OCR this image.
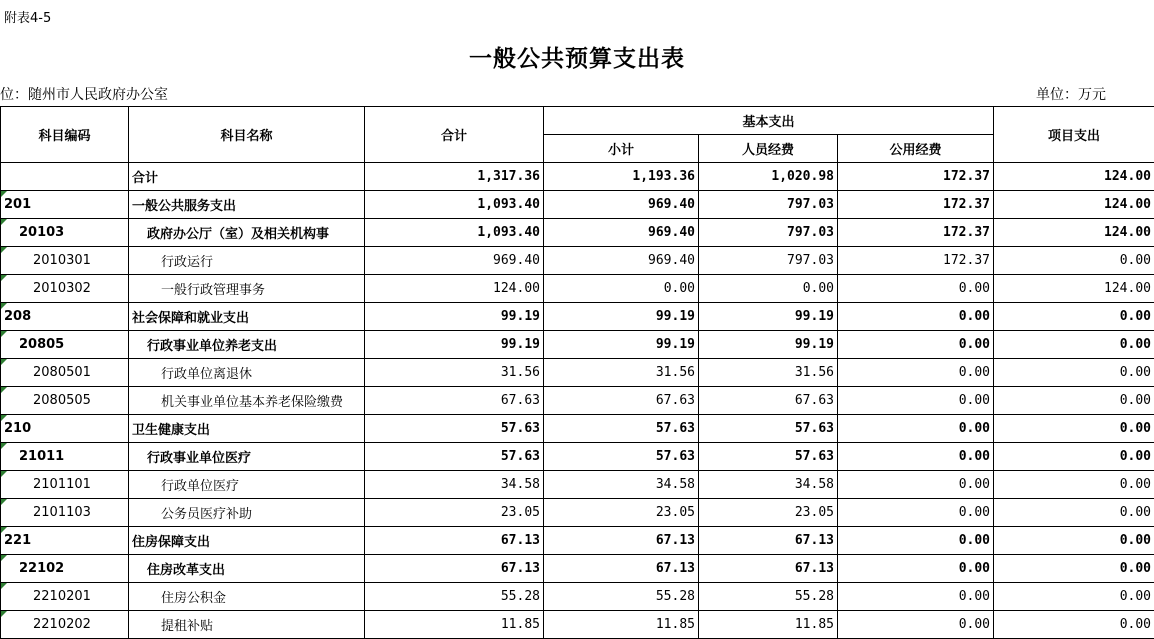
附表4-5
一般公共预算支出表
位：随州市人民政府办公室	单位：万元
科目编码	科目名称	合计	基本支出			项目支出
			小计	人员经费	公用经费	
	合计	1,317.36	1,193.36	1,020.98	172.37	124.00

201	一般公共服务支出	1,093.40	969.40	797.03	172.37	124.00

20103	政府办公厅（室）及相关机构事	1,093.40	969.40	797.03	172.37	124.00

2010301	行政运行	969.40	969.40	797.03	172.37	0.00

2010302	一般行政管理事务	124.00	0.00	0.00	0.00	124.00

208	社会保障和就业支出	99.19	99.19	99.19	0.00	0.00

20805	行政事业单位养老支出	99.19	99.19	99.19	0.00	0.00

2080501	行政单位离退休	31.56	31.56	31.56	0.00	0.00

2080505	机关事业单位基本养老保险缴费	67.63	67.63	67.63	0.00	0.00

210	卫生健康支出	57.63	57.63	57.63	0.00	0.00

21011	行政事业单位医疗	57.63	57.63	57.63	0.00	0.00

2101101	行政单位医疗	34.58	34.58	34.58	0.00	0.00

2101103	公务员医疗补助	23.05	23.05	23.05	0.00	0.00

221	住房保障支出	67.13	67.13	67.13	0.00	0.00

22102	住房改革支出	67.13	67.13	67.13	0.00	0.00

2210201	住房公积金	55.28	55.28	55.28	0.00	0.00

2210202	提租补贴	11.85	11.85	11.85	0.00	0.00
